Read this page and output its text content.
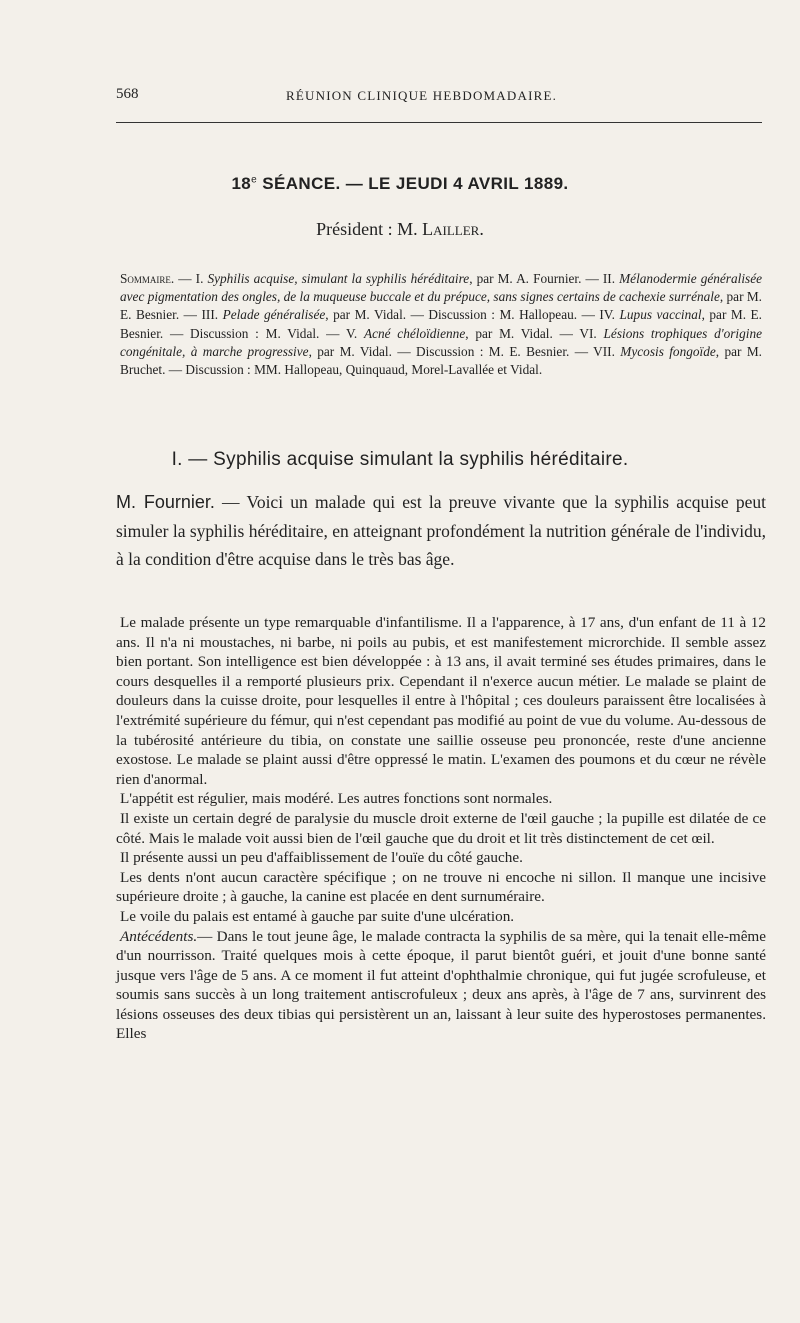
568	RÉUNION CLINIQUE HEBDOMADAIRE.
18e SÉANCE. — LE JEUDI 4 AVRIL 1889.
Président : M. Lailler.
Sommaire. — I. Syphilis acquise, simulant la syphilis héréditaire, par M. A. Fournier. — II. Mélanodermie généralisée avec pigmentation des ongles, de la muqueuse buccale et du prépuce, sans signes certains de cachexie surrénale, par M. E. Besnier. — III. Pelade généralisée, par M. Vidal. — Discussion : M. Hallopeau. — IV. Lupus vaccinal, par M. E. Besnier. — Discussion : M. Vidal. — V. Acné chéloïdienne, par M. Vidal. — VI. Lésions trophiques d'origine congénitale, à marche progressive, par M. Vidal. — Discussion : M. E. Besnier. — VII. Mycosis fongoïde, par M. Bruchet. — Discussion : MM. Hallopeau, Quinquaud, Morel-Lavallée et Vidal.
I. — Syphilis acquise simulant la syphilis héréditaire.
M. Fournier. — Voici un malade qui est la preuve vivante que la syphilis acquise peut simuler la syphilis héréditaire, en atteignant profondément la nutrition générale de l'individu, à la condition d'être acquise dans le très bas âge.

Le malade présente un type remarquable d'infantilisme. Il a l'apparence, à 17 ans, d'un enfant de 11 à 12 ans. Il n'a ni moustaches, ni barbe, ni poils au pubis, et est manifestement microrchide. Il semble assez bien portant. Son intelligence est bien développée : à 13 ans, il avait terminé ses études primaires, dans le cours desquelles il a remporté plusieurs prix. Cependant il n'exerce aucun métier. Le malade se plaint de douleurs dans la cuisse droite, pour lesquelles il entre à l'hôpital ; ces douleurs paraissent être localisées à l'extrémité supérieure du fémur, qui n'est cependant pas modifié au point de vue du volume. Au-dessous de la tubérosité antérieure du tibia, on constate une saillie osseuse peu prononcée, reste d'une ancienne exostose. Le malade se plaint aussi d'être oppressé le matin. L'examen des poumons et du cœur ne révèle rien d'anormal.

L'appétit est régulier, mais modéré. Les autres fonctions sont normales.

Il existe un certain degré de paralysie du muscle droit externe de l'œil gauche ; la pupille est dilatée de ce côté. Mais le malade voit aussi bien de l'œil gauche que du droit et lit très distinctement de cet œil.

Il présente aussi un peu d'affaiblissement de l'ouïe du côté gauche.

Les dents n'ont aucun caractère spécifique ; on ne trouve ni encoche ni sillon. Il manque une incisive supérieure droite ; à gauche, la canine est placée en dent surnuméraire.

Le voile du palais est entamé à gauche par suite d'une ulcération.

Antécédents.— Dans le tout jeune âge, le malade contracta la syphilis de sa mère, qui la tenait elle-même d'un nourrisson. Traité quelques mois à cette époque, il parut bientôt guéri, et jouit d'une bonne santé jusque vers l'âge de 5 ans. A ce moment il fut atteint d'ophthalmie chronique, qui fut jugée scrofuleuse, et soumis sans succès à un long traitement antiscrofuleux ; deux ans après, à l'âge de 7 ans, survinrent des lésions osseuses des deux tibias qui persistèrent un an, laissant à leur suite des hyperostoses permanentes. Elles
